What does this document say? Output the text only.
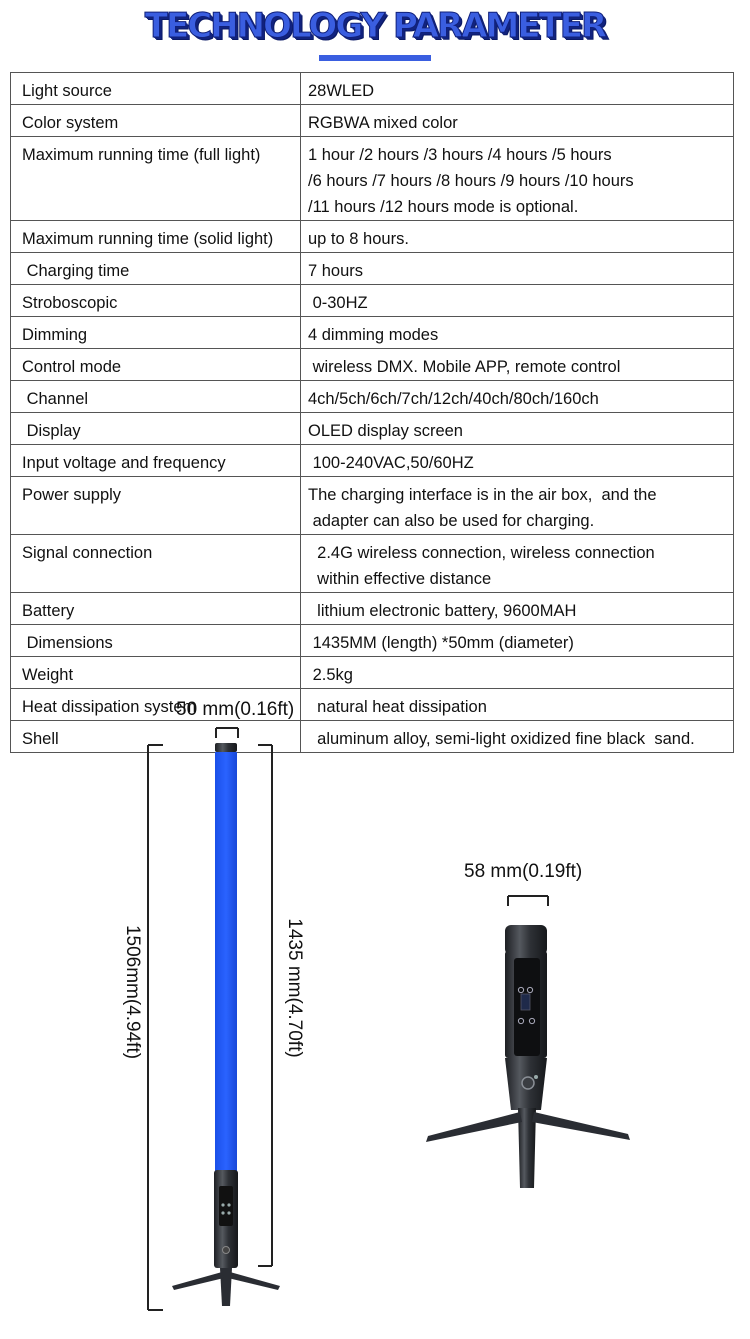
TECHNOLOGY PARAMETER
Light source	28WLED

Color system	RGBWA mixed color

Maximum running time (full light)	1 hour /2 hours /3 hours /4 hours /5 hours
/6 hours /7 hours /8 hours /9 hours /10 hours
/11 hours /12 hours mode is optional.

Maximum running time (solid light)	up to 8 hours.

Charging time	7 hours

Stroboscopic	0-30HZ

Dimming	4 dimming modes

Control mode	wireless DMX. Mobile APP, remote control

Channel	4ch/5ch/6ch/7ch/12ch/40ch/80ch/160ch

Display	OLED display screen

Input voltage and frequency	100-240VAC,50/60HZ

Power supply	The charging interface is in the air box,  and the
adapter can also be used for charging.

Signal connection	2.4G wireless connection, wireless connection
within effective distance

Battery	lithium electronic battery, 9600MAH

Dimensions	1435MM (length) *50mm (diameter)

Weight	2.5kg

Heat dissipation system	natural heat dissipation

Shell	aluminum alloy, semi-light oxidized fine black  sand.
50 mm(0.16ft)
58 mm(0.19ft)
1506mm(4.94ft)	1435 mm(4.70ft)
